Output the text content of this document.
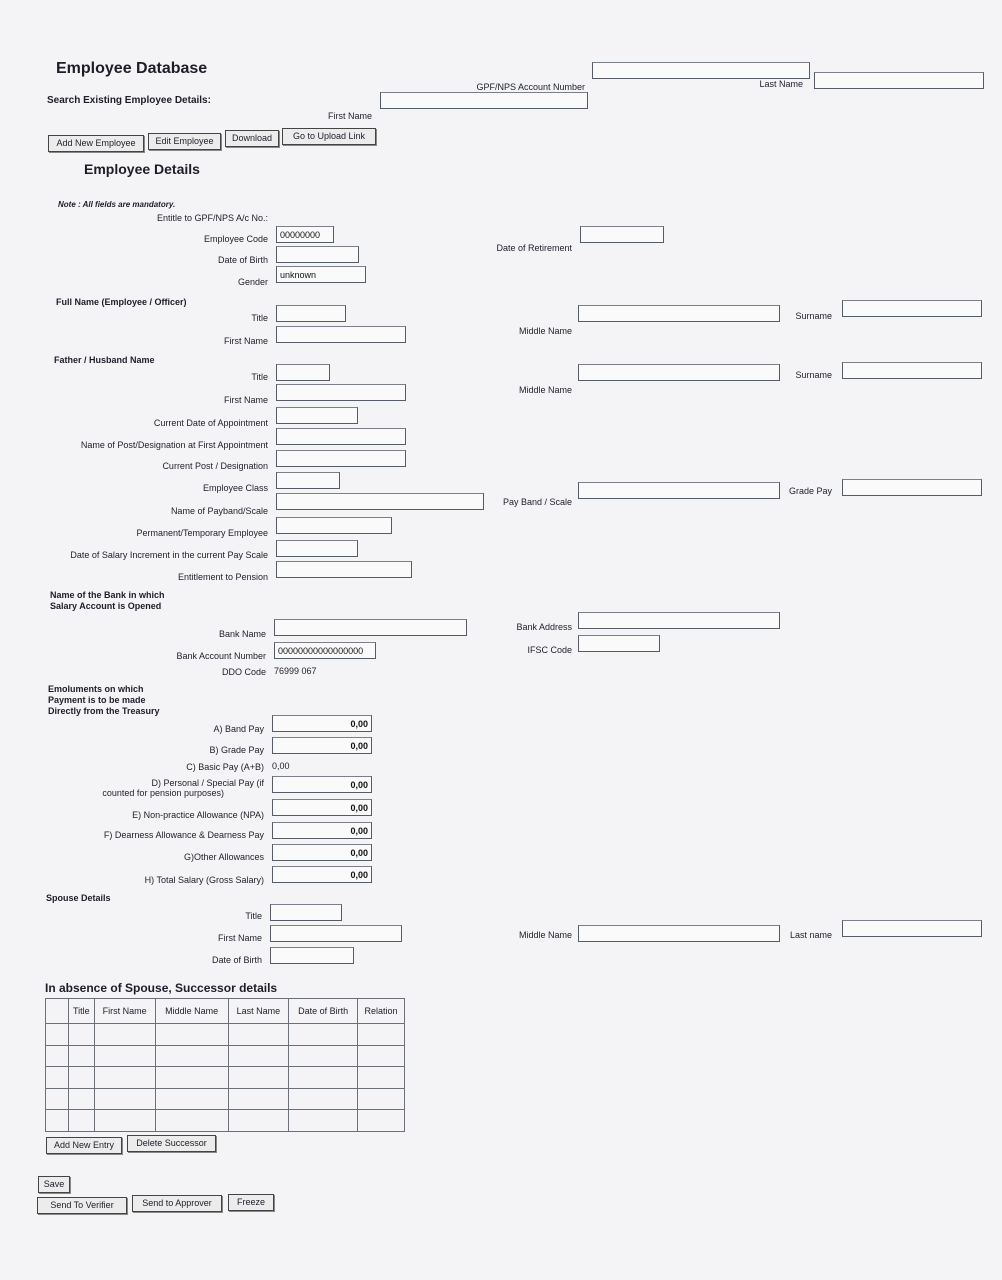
Employee Database
Search Existing Employee Details:
GPF/NPS Account Number	Last Name
First Name
Add New Employee	Edit Employee	Download	Go to Upload Link
Employee Details
Note : All fields are mandatory.
Entitle to GPF/NPS A/c No.:
Employee Code
00000000
Date of Birth
Date of Retirement
Gender
unknown
Full Name (Employee / Officer)
Title
First Name
Middle Name
Surname
Father / Husband Name
Title
First Name
Middle Name
Surname
Current Date of Appointment
Name of Post/Designation at First Appointment
Current Post / Designation
Employee Class
Name of Payband/Scale
Pay Band / Scale
Grade Pay
Permanent/Temporary Employee
Date of Salary Increment in the current Pay Scale
Entitlement to Pension
Name of the Bank in which Salary Account is Opened
Bank Name
Bank Address
Bank Account Number
00000000000000000
IFSC Code
DDO Code 76999 067
Emoluments on which Payment is to be made Directly from the Treasury
A) Band Pay
0,00
B) Grade Pay
0,00
C) Basic Pay (A+B) 0,00
D) Personal / Special Pay (if
counted for pension purposes)
0,00
E) Non-practice Allowance (NPA)
0,00
F) Dearness Allowance & Dearness Pay
0,00
G)Other Allowances
0,00
H) Total Salary (Gross Salary)
0,00
Spouse Details
Title
First Name	Middle Name	Last name
Date of Birth
In absence of Spouse, Successor details
	Title	First Name	Middle Name	Last Name	Date of Birth	Relation

Add New Entry	Delete Successor
Save
Send To Verifier	Send to Approver	Freeze
